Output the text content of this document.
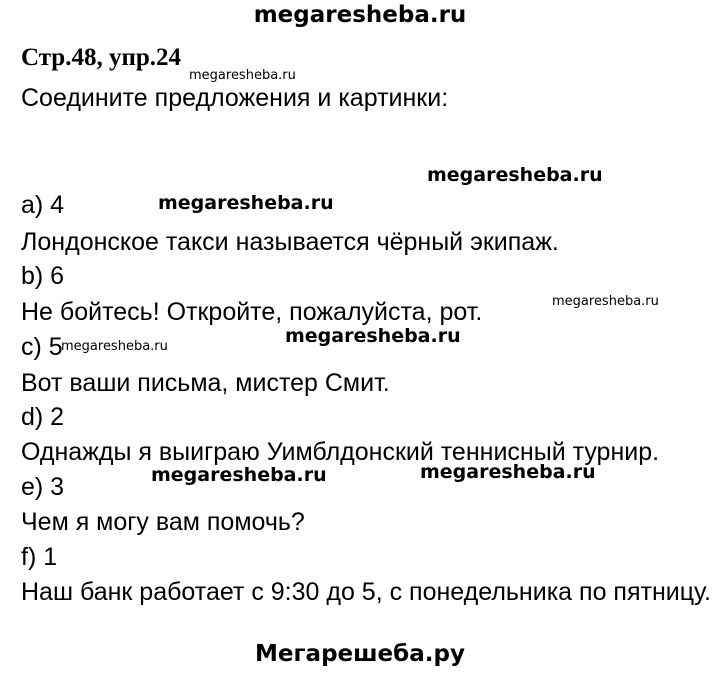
megaresheba.ru
Стр.48, упр.24
megaresheba.ru
Соедините предложения и картинки:
megaresheba.ru
a) 4	megaresheba.ru
Лондонское такси называется чёрный экипаж.
b) 6
megaresheba.ru
Не бойтесь! Откройте, пожалуйста, рот.
c) 5
megaresheba.ru	megaresheba.ru
Вот ваши письма, мистер Смит.
d) 2
Однажды я выиграю Уимблдонский теннисный турнир.
megaresheba.ru	megaresheba.ru
e) 3
Чем я могу вам помочь?
f) 1
Наш банк работает с 9:30 до 5, с понедельника по пятницу.
Мегарешеба.ру
